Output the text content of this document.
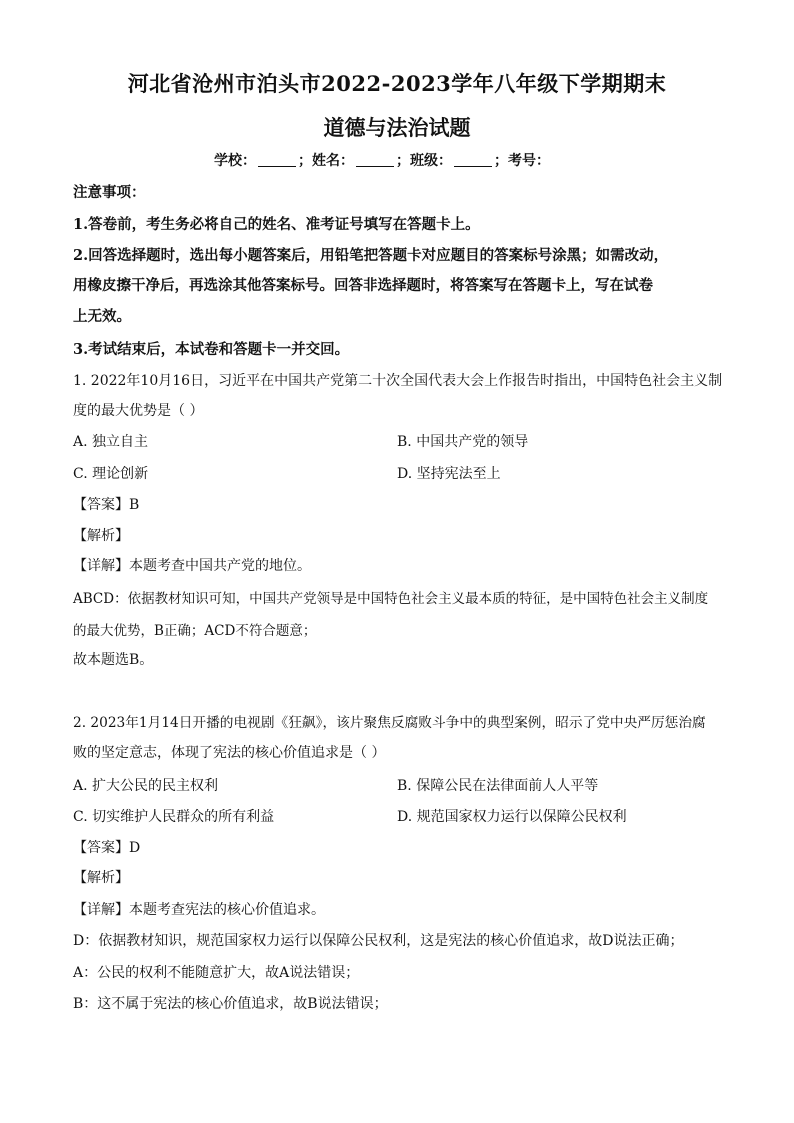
河北省沧州市泊头市2022-2023学年八年级下学期期末
道德与法治试题
学校：	；姓名：	；班级：	；考号：
注意事项：
1.答卷前，考生务必将自己的姓名、准考证号填写在答题卡上。
2.回答选择题时，选出每小题答案后，用铅笔把答题卡对应题目的答案标号涂黑；如需改动，
用橡皮擦干净后，再选涂其他答案标号。回答非选择题时，将答案写在答题卡上，写在试卷
上无效。
3.考试结束后，本试卷和答题卡一并交回。
1. 2022年10月16日，习近平在中国共产党第二十次全国代表大会上作报告时指出，中国特色社会主义制
度的最大优势是（ ）
A. 独立自主	B. 中国共产党的领导
C. 理论创新	D. 坚持宪法至上
【答案】B
【解析】
【详解】本题考查中国共产党的地位。
ABCD：依据教材知识可知，中国共产党领导是中国特色社会主义最本质的特征，是中国特色社会主义制度
的最大优势，B正确；ACD不符合题意；
故本题选B。
2. 2023年1月14日开播的电视剧《狂飙》，该片聚焦反腐败斗争中的典型案例，昭示了党中央严厉惩治腐
败的坚定意志，体现了宪法的核心价值追求是（ ）
A. 扩大公民的民主权利	B. 保障公民在法律面前人人平等
C. 切实维护人民群众的所有利益	D. 规范国家权力运行以保障公民权利
【答案】D
【解析】
【详解】本题考查宪法的核心价值追求。
D：依据教材知识，规范国家权力运行以保障公民权利，这是宪法的核心价值追求，故D说法正确；
A：公民的权利不能随意扩大，故A说法错误；
B：这不属于宪法的核心价值追求，故B说法错误；
